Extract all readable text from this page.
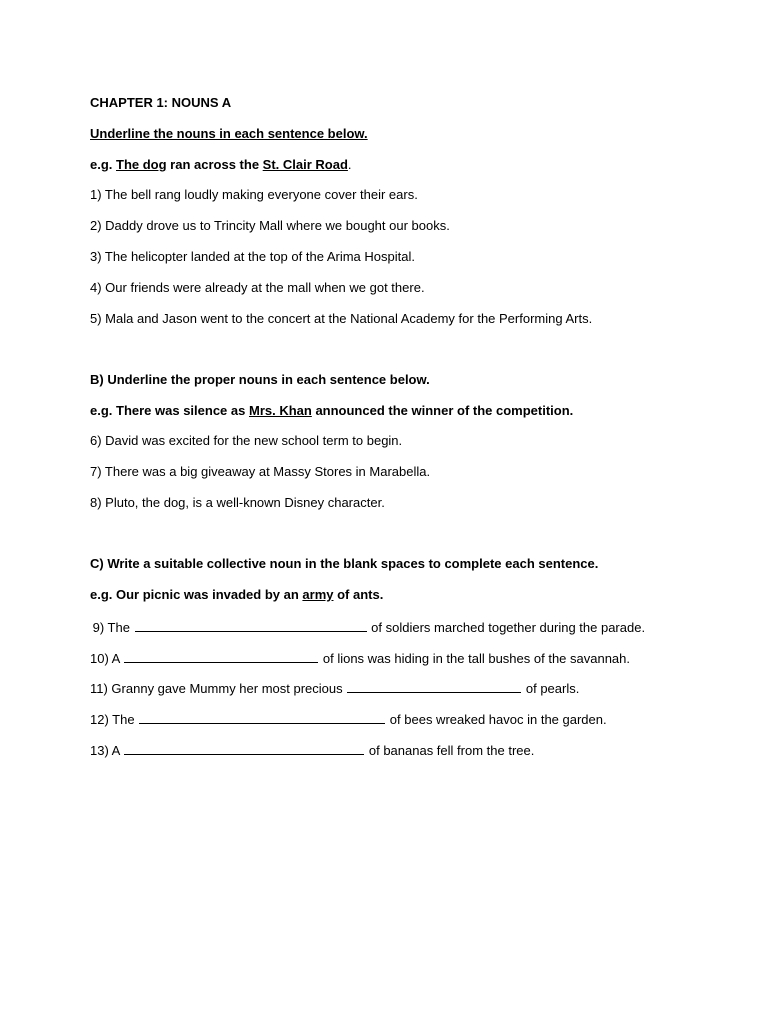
CHAPTER 1: NOUNS A
Underline the nouns in each sentence below.
e.g. The dog ran across the St. Clair Road.
1) The bell rang loudly making everyone cover their ears.
2) Daddy drove us to Trincity Mall where we bought our books.
3) The helicopter landed at the top of the Arima Hospital.
4) Our friends were already at the mall when we got there.
5) Mala and Jason went to the concert at the National Academy for the Performing Arts.
B) Underline the proper nouns in each sentence below.
e.g. There was silence as Mrs. Khan announced the winner of the competition.
6) David was excited for the new school term to begin.
7) There was a big giveaway at Massy Stores in Marabella.
8) Pluto, the dog, is a well-known Disney character.
C) Write a suitable collective noun in the blank spaces to complete each sentence.
e.g. Our picnic was invaded by an army of ants.
9) The	of soldiers marched together during the parade.
10) A	of lions was hiding in the tall bushes of the savannah.
11) Granny gave Mummy her most precious	of pearls.
12) The	of bees wreaked havoc in the garden.
13) A	of bananas fell from the tree.
